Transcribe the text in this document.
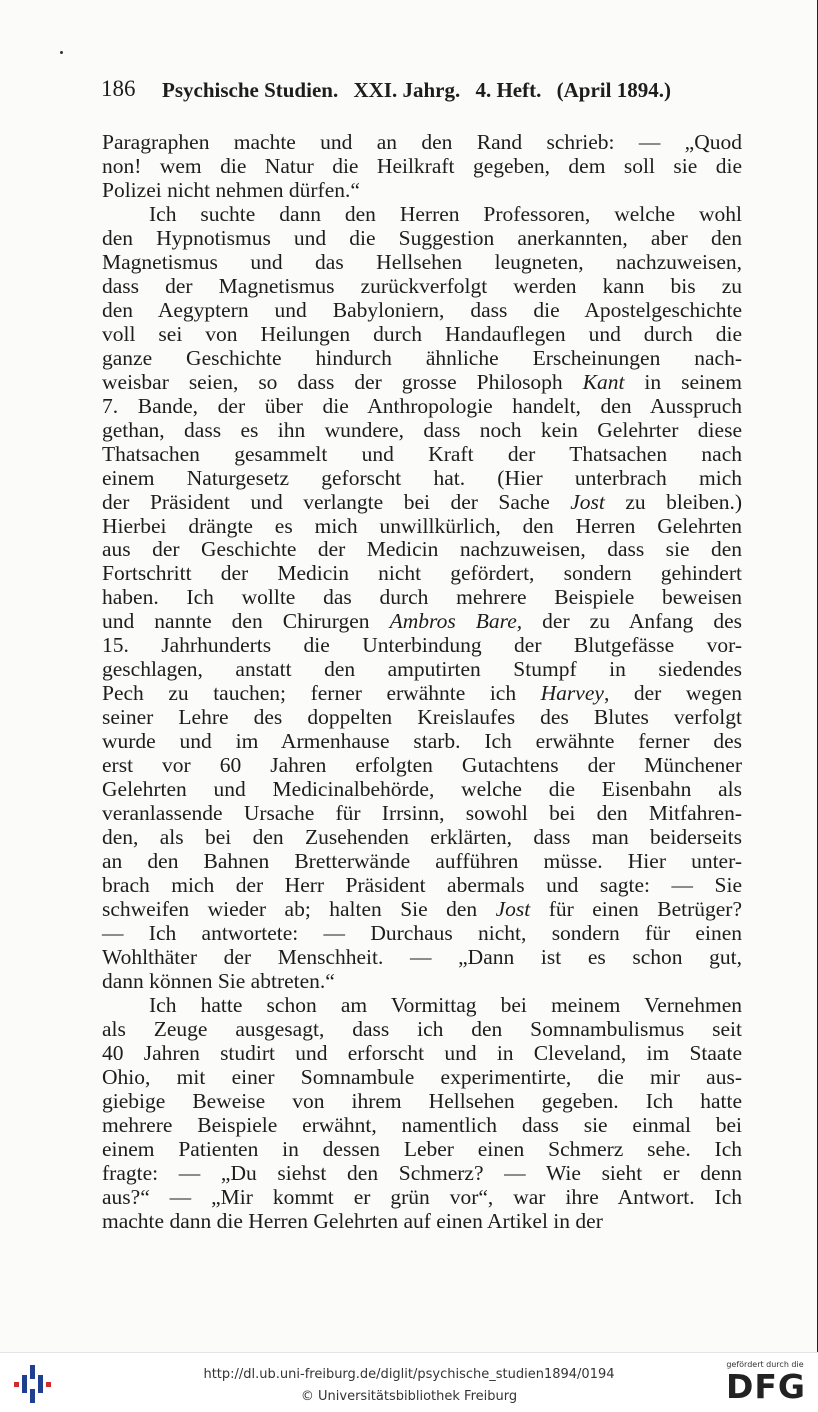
186 Psychische Studien. XXI. Jahrg. 4. Heft. (April 1894.)
Paragraphen machte und an den Rand schrieb: — „Quod
non! wem die Natur die Heilkraft gegeben, dem soll sie die
Polizei nicht nehmen dürfen.“
Ich suchte dann den Herren Professoren, welche wohl
den Hypnotismus und die Suggestion anerkannten, aber den
Magnetismus und das Hellsehen leugneten, nachzuweisen,
dass der Magnetismus zurückverfolgt werden kann bis zu
den Aegyptern und Babyloniern, dass die Apostelgeschichte
voll sei von Heilungen durch Handauflegen und durch die
ganze Geschichte hindurch ähnliche Erscheinungen nach-
weisbar seien, so dass der grosse Philosoph Kant in seinem
7. Bande, der über die Anthropologie handelt, den Ausspruch
gethan, dass es ihn wundere, dass noch kein Gelehrter diese
Thatsachen gesammelt und Kraft der Thatsachen nach
einem Naturgesetz geforscht hat. (Hier unterbrach mich
der Präsident und verlangte bei der Sache Jost zu bleiben.)
Hierbei drängte es mich unwillkürlich, den Herren Gelehrten
aus der Geschichte der Medicin nachzuweisen, dass sie den
Fortschritt der Medicin nicht gefördert, sondern gehindert
haben. Ich wollte das durch mehrere Beispiele beweisen
und nannte den Chirurgen Ambros Bare, der zu Anfang des
15. Jahrhunderts die Unterbindung der Blutgefässe vor-
geschlagen, anstatt den amputirten Stumpf in siedendes
Pech zu tauchen; ferner erwähnte ich Harvey, der wegen
seiner Lehre des doppelten Kreislaufes des Blutes verfolgt
wurde und im Armenhause starb. Ich erwähnte ferner des
erst vor 60 Jahren erfolgten Gutachtens der Münchener
Gelehrten und Medicinalbehörde, welche die Eisenbahn als
veranlassende Ursache für Irrsinn, sowohl bei den Mitfahren-
den, als bei den Zusehenden erklärten, dass man beiderseits
an den Bahnen Bretterwände aufführen müsse. Hier unter-
brach mich der Herr Präsident abermals und sagte: — Sie
schweifen wieder ab; halten Sie den Jost für einen Betrüger?
— Ich antwortete: — Durchaus nicht, sondern für einen
Wohlthäter der Menschheit. — „Dann ist es schon gut,
dann können Sie abtreten.“
Ich hatte schon am Vormittag bei meinem Vernehmen
als Zeuge ausgesagt, dass ich den Somnambulismus seit
40 Jahren studirt und erforscht und in Cleveland, im Staate
Ohio, mit einer Somnambule experimentirte, die mir aus-
giebige Beweise von ihrem Hellsehen gegeben. Ich hatte
mehrere Beispiele erwähnt, namentlich dass sie einmal bei
einem Patienten in dessen Leber einen Schmerz sehe. Ich
fragte: — „Du siehst den Schmerz? — Wie sieht er denn
aus?“ — „Mir kommt er grün vor“, war ihre Antwort. Ich
machte dann die Herren Gelehrten auf einen Artikel in der
http://dl.ub.uni-freiburg.de/diglit/psychische_studien1894/0194
© Universitätsbibliothek Freiburg
gefördert durch die
DFG
